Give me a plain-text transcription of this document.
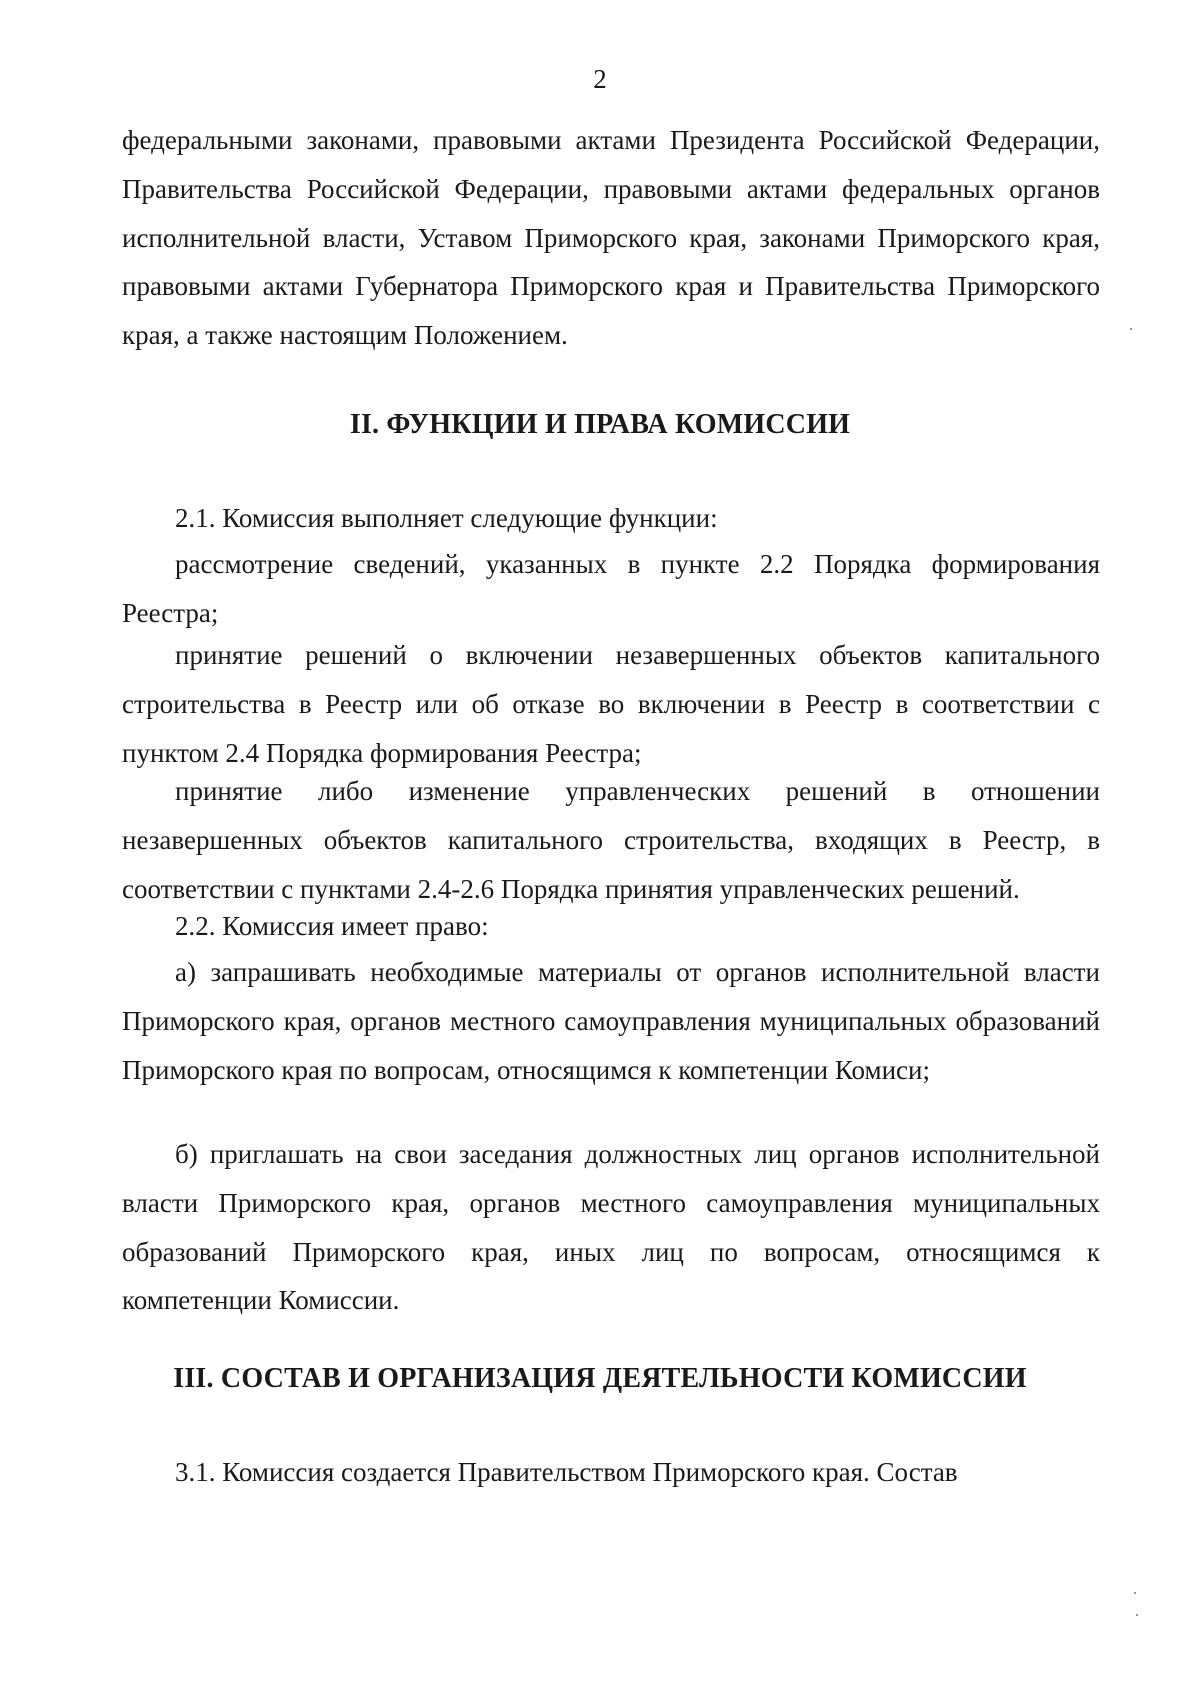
2

федеральными законами, правовыми актами Президента Российской Федерации, Правительства Российской Федерации, правовыми актами федеральных органов исполнительной власти, Уставом Приморского края, законами Приморского края, правовыми актами Губернатора Приморского края и Правительства Приморского края, а также настоящим Положением.

II. ФУНКЦИИ И ПРАВА КОМИССИИ

2.1. Комиссия выполняет следующие функции:

рассмотрение сведений, указанных в пункте 2.2 Порядка формирования Реестра;

принятие решений о включении незавершенных объектов капитального строительства в Реестр или об отказе во включении в Реестр в соответствии с пунктом 2.4 Порядка формирования Реестра;

принятие либо изменение управленческих решений в отношении незавершенных объектов капитального строительства, входящих в Реестр, в соответствии с пунктами 2.4-2.6 Порядка принятия управленческих решений.

2.2. Комиссия имеет право:

а) запрашивать необходимые материалы от органов исполнительной власти Приморского края, органов местного самоуправления муниципальных образований Приморского края по вопросам, относящимся к компетенции Комиси;

б) приглашать на свои заседания должностных лиц органов исполнительной власти Приморского края, органов местного самоуправления муниципальных образований Приморского края, иных лиц по вопросам, относящимся к компетенции Комиссии.

III. СОСТАВ И ОРГАНИЗАЦИЯ ДЕЯТЕЛЬНОСТИ КОМИССИИ

3.1. Комиссия создается Правительством Приморского края. Состав
